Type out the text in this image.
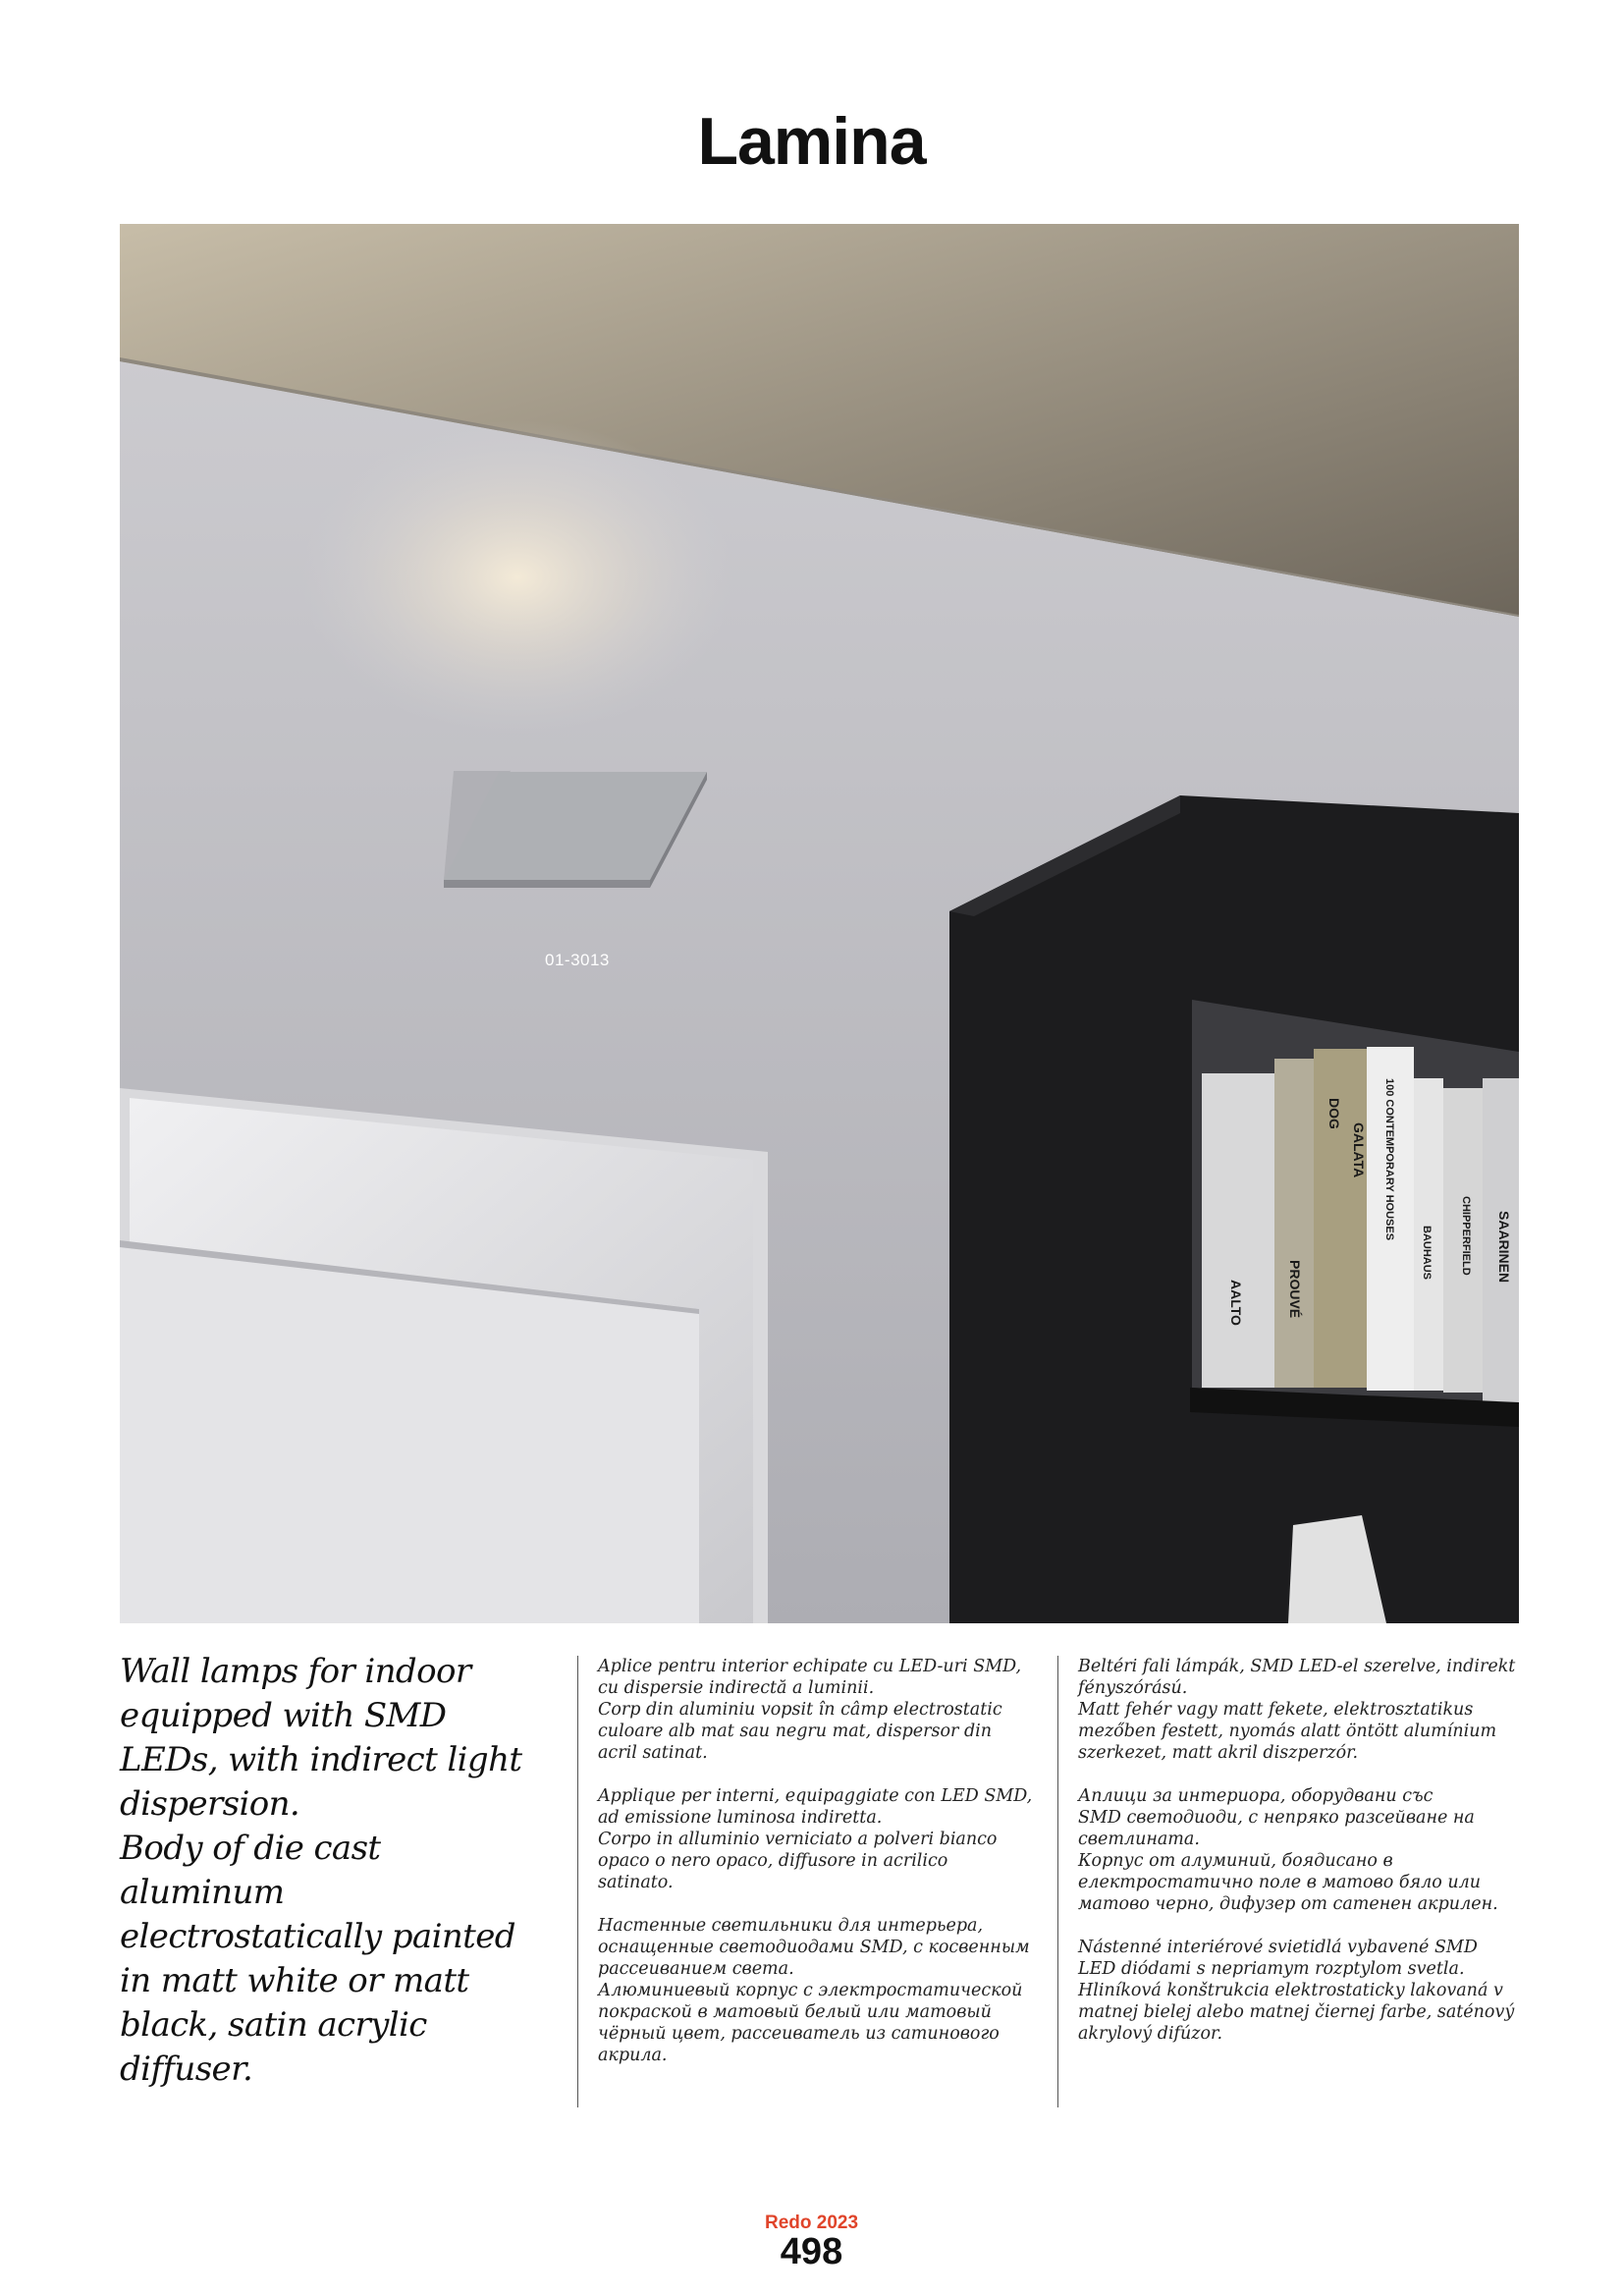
Lamina
AALTO	PROUVÉ
DOG
GALATA 100 CONTEMPORARY HOUSES
BAUHAUS	CHIPPERFIELD SAARINEN
01-3013

Wall lamps for indoor equipped with SMD LEDs, with indirect light dispersion.

Body of die cast aluminum electrostatically painted in matt white or matt black, satin acrylic diffuser.

Aplice pentru interior echipate cu LED-uri SMD,
cu dispersie indirectă a luminii.
Corp din aluminiu vopsit în câmp electrostatic
culoare alb mat sau negru mat, dispersor din
acril satinat.

Applique per interni, equipaggiate con LED SMD,
ad emissione luminosa indiretta.
Corpo in alluminio verniciato a polveri bianco
opaco o nero opaco, diffusore in acrilico
satinato.

Настенные светильники для интерьера,
оснащенные светодиодами SMD, с косвенным
рассеиванием света.
Алюминиевый корпус с электростатической
покраской в матовый белый или матовый
чёрный цвет, рассеиватель из сатинового
акрила.

Beltéri fali lámpák, SMD LED-el szerelve, indirekt
fényszórású.
Matt fehér vagy matt fekete, elektrosztatikus
mezőben festett, nyomás alatt öntött alumínium
szerkezet, matt akril diszperzór.

Аплици за интериора, оборудвани със
SMD светодиоди, с непряко разсейване на
светлината.
Корпус от алуминий, боядисано в
електростатично поле в матово бяло или
матово черно, дифузер от сатенен акрилен.

Nástenné interiérové svietidlá vybavené SMD
LED diódami s nepriamym rozptylom svetla.
Hliníková konštrukcia elektrostaticky lakovaná v
matnej bielej alebo matnej čiernej farbe, saténový
akrylový difúzor.

Redo 2023
498
